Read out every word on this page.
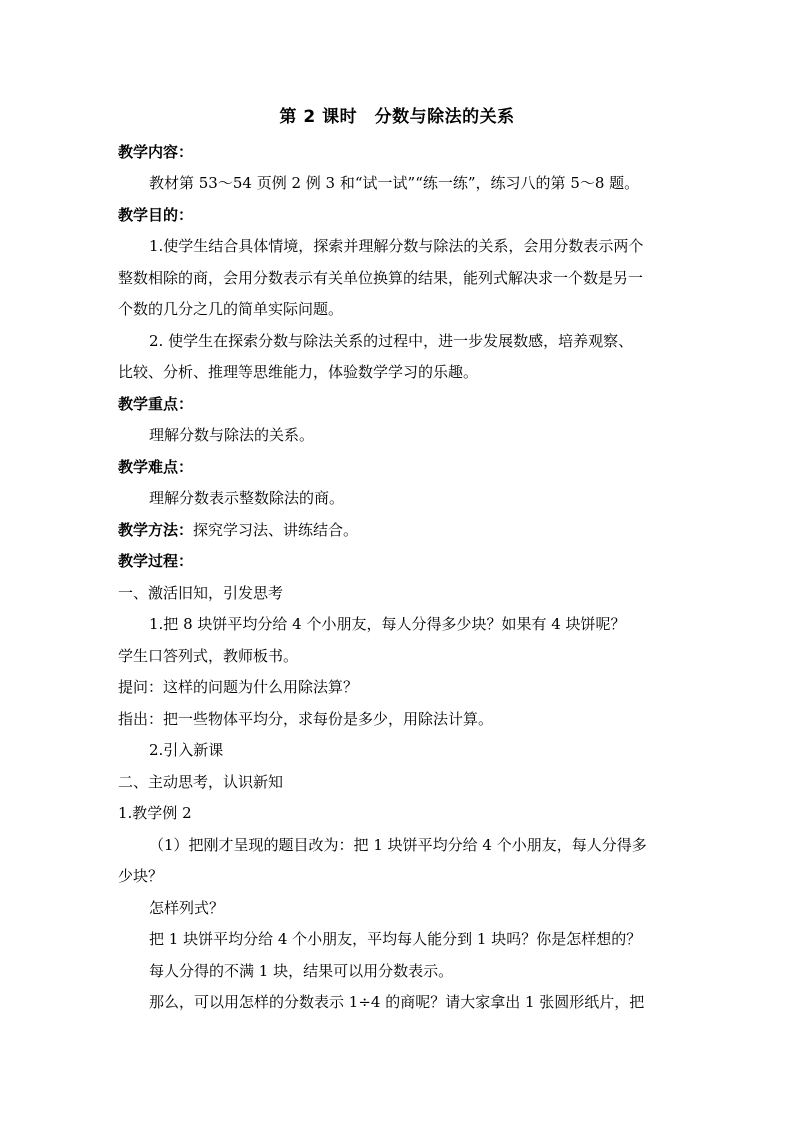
第 2 课时　分数与除法的关系
教学内容：
教材第 53～54 页例 2 例 3 和“试一试”“练一练”，练习八的第 5～8 题。
教学目的：
1.使学生结合具体情境，探索并理解分数与除法的关系，会用分数表示两个
整数相除的商，会用分数表示有关单位换算的结果，能列式解决求一个数是另一
个数的几分之几的简单实际问题。
2. 使学生在探索分数与除法关系的过程中，进一步发展数感，培养观察、
比较、分析、推理等思维能力，体验数学学习的乐趣。
教学重点：
理解分数与除法的关系。
教学难点：
理解分数表示整数除法的商。
教学方法：探究学习法、讲练结合。
教学过程：
一、激活旧知，引发思考
1.把 8 块饼平均分给 4 个小朋友，每人分得多少块？如果有 4 块饼呢？
学生口答列式，教师板书。
提问：这样的问题为什么用除法算？
指出：把一些物体平均分，求每份是多少，用除法计算。
2.引入新课
二、主动思考，认识新知
1.教学例 2
（1）把刚才呈现的题目改为：把 1 块饼平均分给 4 个小朋友，每人分得多
少块？
怎样列式？
把 1 块饼平均分给 4 个小朋友，平均每人能分到 1 块吗？你是怎样想的？
每人分得的不满 1 块，结果可以用分数表示。
那么，可以用怎样的分数表示 1÷4 的商呢？请大家拿出 1 张圆形纸片，把
